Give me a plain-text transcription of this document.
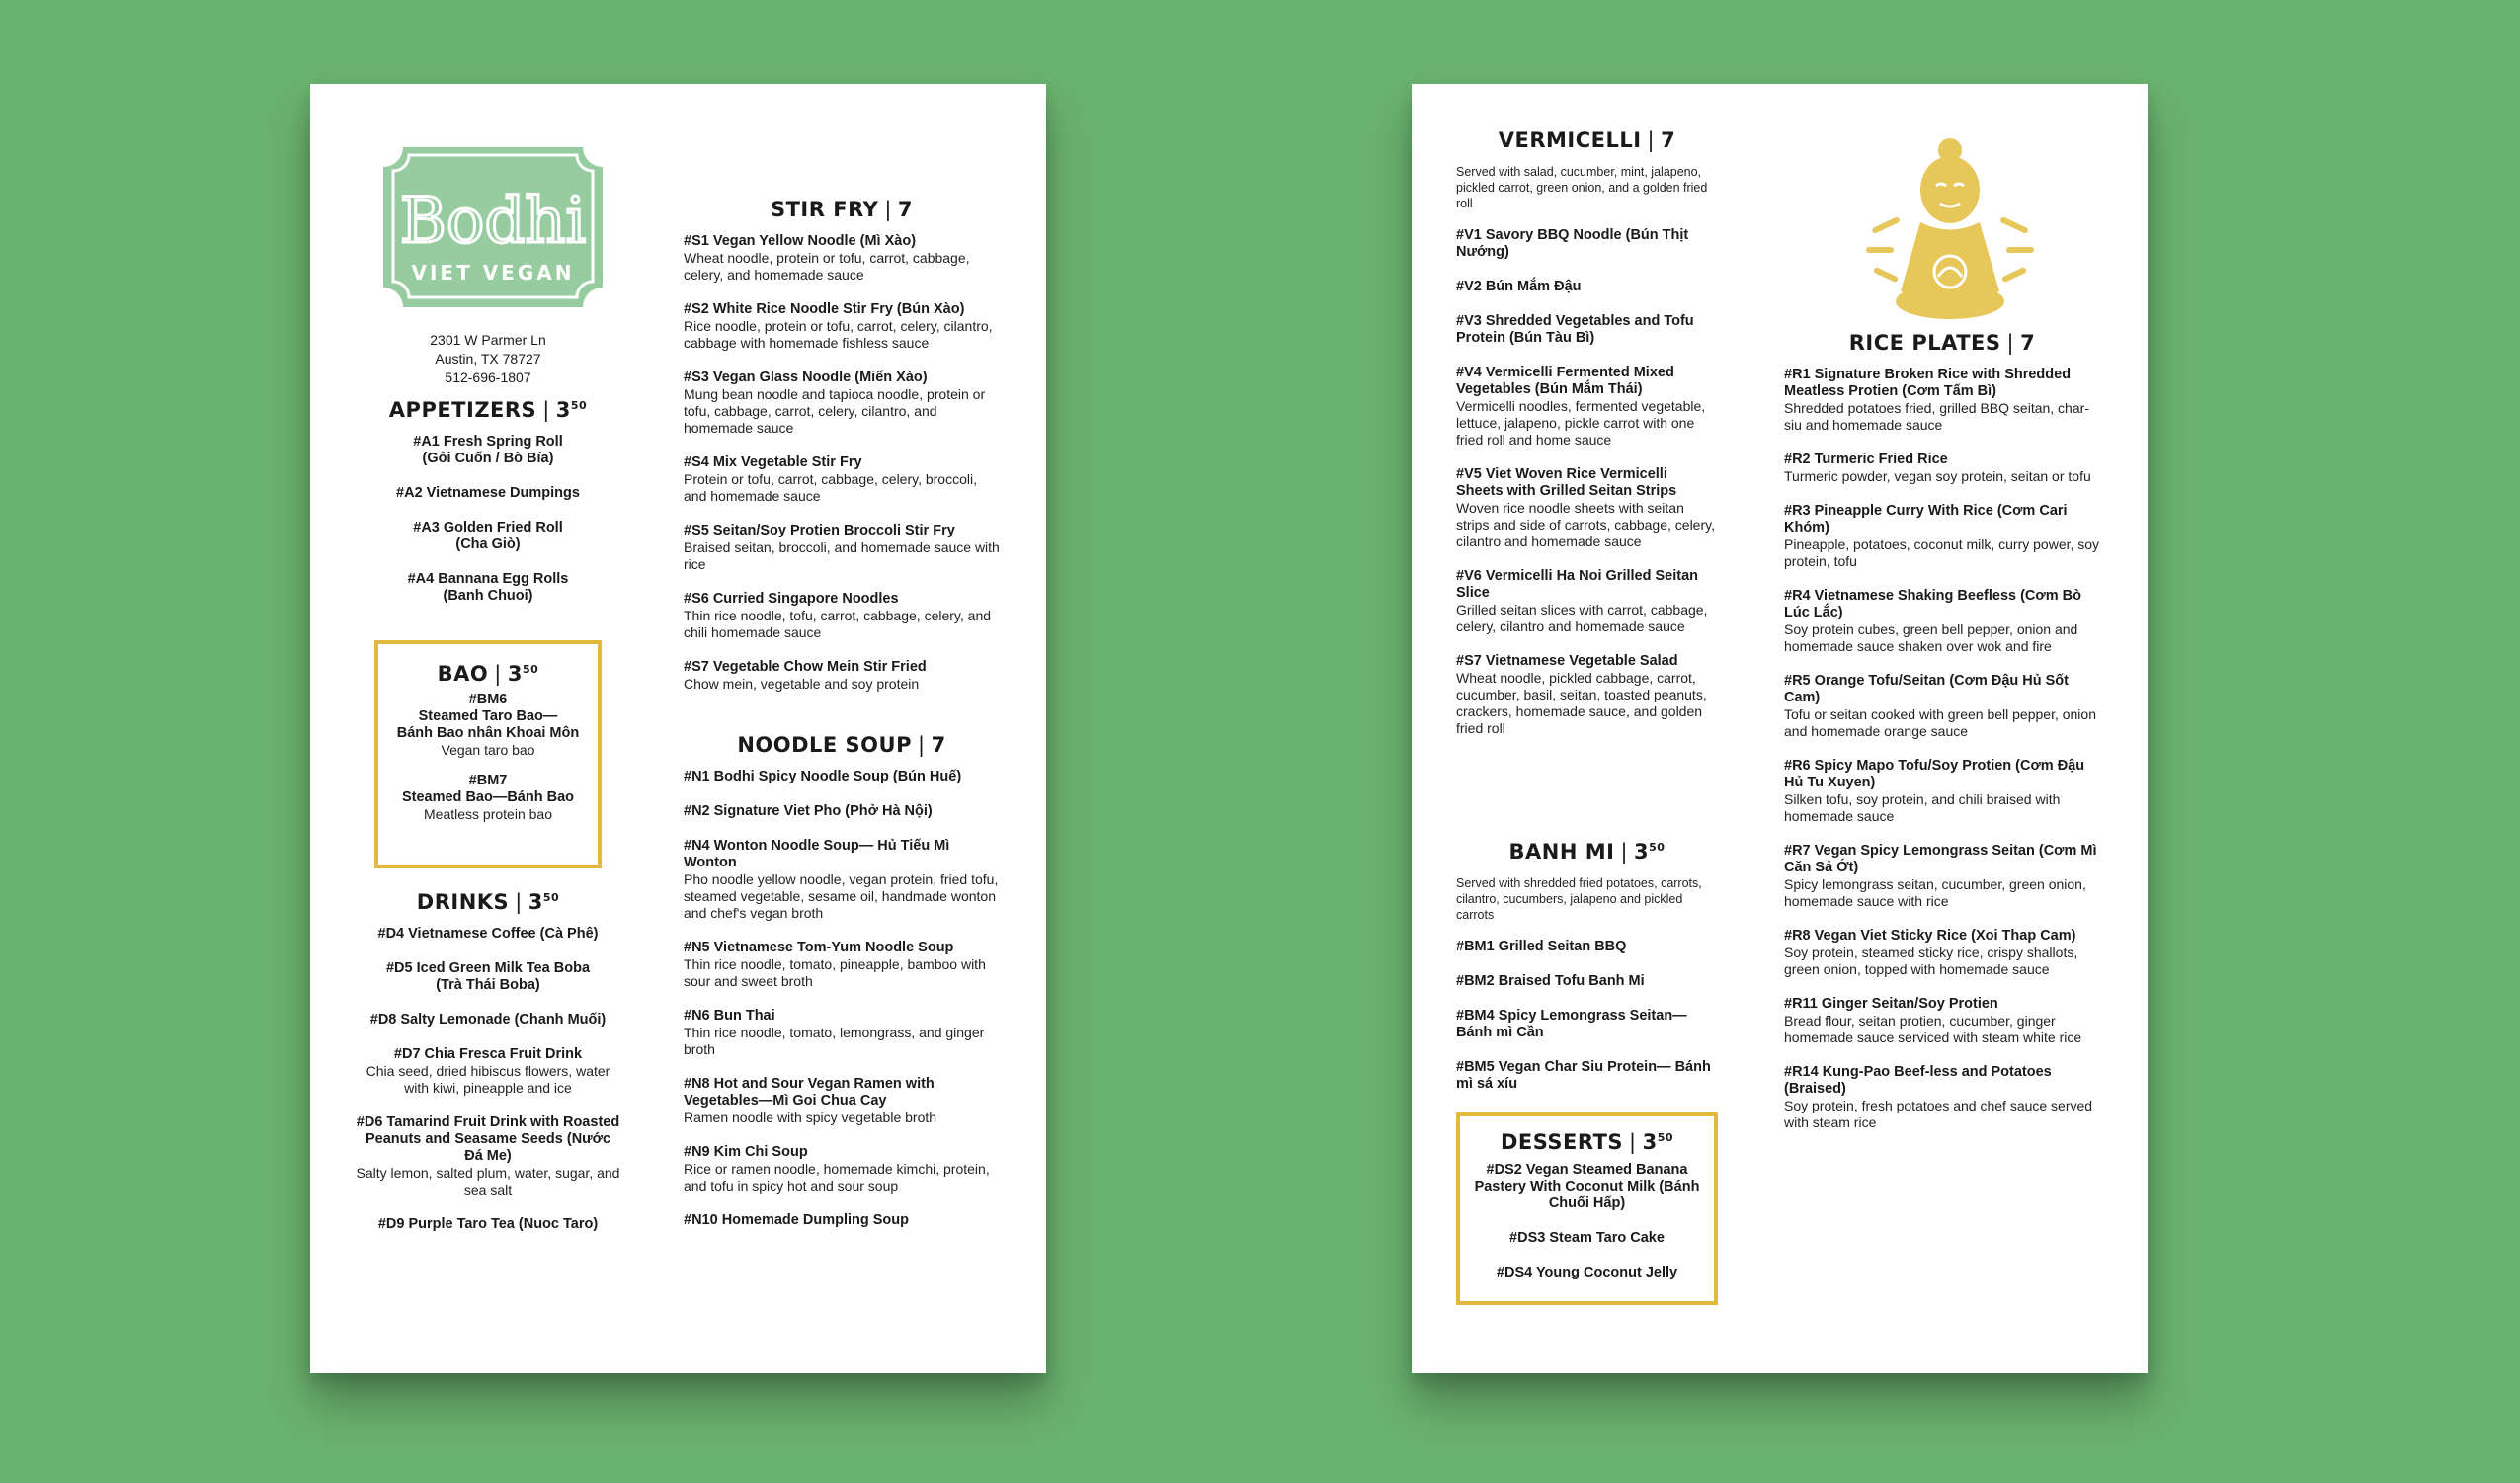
Bodhi
VIET VEGAN
2301 W Parmer Ln
Austin, TX 78727
512-696-1807
APPETIZERS | $3^{50}$
#A1 Fresh Spring Roll
(Gỏi Cuốn / Bò Bía)
#A2 Vietnamese Dumpings
#A3 Golden Fried Roll
(Cha Giò)
#A4 Bannana Egg Rolls
(Banh Chuoi)
BAO | $3^{50}$
#BM6
Steamed Taro Bao—
Bánh Bao nhân Khoai Môn
Vegan taro bao
#BM7
Steamed Bao—Bánh Bao
Meatless protein bao
DRINKS | $3^{50}$
#D4 Vietnamese Coffee (Cà Phê)
#D5 Iced Green Milk Tea Boba
(Trà Thái Boba)
#D8 Salty Lemonade (Chanh Muối)
#D7 Chia Fresca Fruit Drink
Chia seed, dried hibiscus flowers, water with kiwi, pineapple and ice
#D6 Tamarind Fruit Drink with Roasted Peanuts and Seasame Seeds (Nước Đá Me)
Salty lemon, salted plum, water, sugar, and sea salt
#D9 Purple Taro Tea (Nuoc Taro)
STIR FRY | 7
#S1 Vegan Yellow Noodle (Mì Xào)
Wheat noodle, protein or tofu, carrot, cabbage, celery, and homemade sauce
#S2 White Rice Noodle Stir Fry (Bún Xào)
Rice noodle, protein or tofu, carrot, celery, cilantro, cabbage with homemade fishless sauce
#S3 Vegan Glass Noodle (Miến Xào)
Mung bean noodle and tapioca noodle, protein or tofu, cabbage, carrot, celery, cilantro, and homemade sauce
#S4 Mix Vegetable Stir Fry
Protein or tofu, carrot, cabbage, celery, broccoli, and homemade sauce
#S5 Seitan/Soy Protien Broccoli Stir Fry
Braised seitan, broccoli, and homemade sauce with rice
#S6 Curried Singapore Noodles
Thin rice noodle, tofu, carrot, cabbage, celery, and chili homemade sauce
#S7 Vegetable Chow Mein Stir Fried
Chow mein, vegetable and soy protein
NOODLE SOUP | 7
#N1 Bodhi Spicy Noodle Soup (Bún Huế)
#N2 Signature Viet Pho (Phở Hà Nội)
#N4 Wonton Noodle Soup— Hủ Tiếu Mì Wonton
Pho noodle yellow noodle, vegan protein, fried tofu, steamed vegetable, sesame oil, handmade wonton and chef's vegan broth
#N5 Vietnamese Tom-Yum Noodle Soup
Thin rice noodle, tomato, pineapple, bamboo with sour and sweet broth
#N6 Bun Thai
Thin rice noodle, tomato, lemongrass, and ginger broth
#N8 Hot and Sour Vegan Ramen with Vegetables—Mì Goi Chua Cay
Ramen noodle with spicy vegetable broth
#N9 Kim Chi Soup
Rice or ramen noodle, homemade kimchi, protein, and tofu in spicy hot and sour soup
#N10 Homemade Dumpling Soup
VERMICELLI | 7
Served with salad, cucumber, mint, jalapeno, pickled carrot, green onion, and a golden fried roll
#V1 Savory BBQ Noodle (Bún Thịt Nướng)
#V2 Bún Mắm Đậu
#V3 Shredded Vegetables and Tofu Protein (Bún Tàu Bì)
#V4 Vermicelli Fermented Mixed Vegetables (Bún Mắm Thái)
Vermicelli noodles, fermented vegetable, lettuce, jalapeno, pickle carrot with one fried roll and home sauce
#V5 Viet Woven Rice Vermicelli Sheets with Grilled Seitan Strips
Woven rice noodle sheets with seitan strips and side of carrots, cabbage, celery, cilantro and homemade sauce
#V6 Vermicelli Ha Noi Grilled Seitan Slice
Grilled seitan slices with carrot, cabbage, celery, cilantro and homemade sauce
#S7 Vietnamese Vegetable Salad
Wheat noodle, pickled cabbage, carrot, cucumber, basil, seitan, toasted peanuts, crackers, homemade sauce, and golden fried roll
BANH MI | $3^{50}$
Served with shredded fried potatoes, carrots, cilantro, cucumbers, jalapeno and pickled carrots
#BM1 Grilled Seitan BBQ
#BM2 Braised Tofu Banh Mi
#BM4 Spicy Lemongrass Seitan— Bánh mì Cần
#BM5 Vegan Char Siu Protein— Bánh mì sá xíu
DESSERTS | $3^{50}$
#DS2 Vegan Steamed Banana Pastery With Coconut Milk (Bánh Chuối Hấp)
#DS3 Steam Taro Cake
#DS4 Young Coconut Jelly
RICE PLATES | 7
#R1 Signature Broken Rice with Shredded Meatless Protien (Cơm Tấm Bì)
Shredded potatoes fried, grilled BBQ seitan, char-siu and homemade sauce
#R2 Turmeric Fried Rice
Turmeric powder, vegan soy protein, seitan or tofu
#R3 Pineapple Curry With Rice (Cơm Cari Khóm)
Pineapple, potatoes, coconut milk, curry power, soy protein, tofu
#R4 Vietnamese Shaking Beefless (Cơm Bò Lúc Lắc)
Soy protein cubes, green bell pepper, onion and homemade sauce shaken over wok and fire
#R5 Orange Tofu/Seitan (Cơm Đậu Hủ Sốt Cam)
Tofu or seitan cooked with green bell pepper, onion and homemade orange sauce
#R6 Spicy Mapo Tofu/Soy Protien (Cơm Đậu Hủ Tu Xuyen)
Silken tofu, soy protein, and chili braised with homemade sauce
#R7 Vegan Spicy Lemongrass Seitan (Cơm Mì Căn Sả Ớt)
Spicy lemongrass seitan, cucumber, green onion, homemade sauce with rice
#R8 Vegan Viet Sticky Rice (Xoi Thap Cam)
Soy protein, steamed sticky rice, crispy shallots, green onion, topped with homemade sauce
#R11 Ginger Seitan/Soy Protien
Bread flour, seitan protien, cucumber, ginger homemade sauce serviced with steam white rice
#R14 Kung-Pao Beef-less and Potatoes (Braised)
Soy protein, fresh potatoes and chef sauce served with steam rice
